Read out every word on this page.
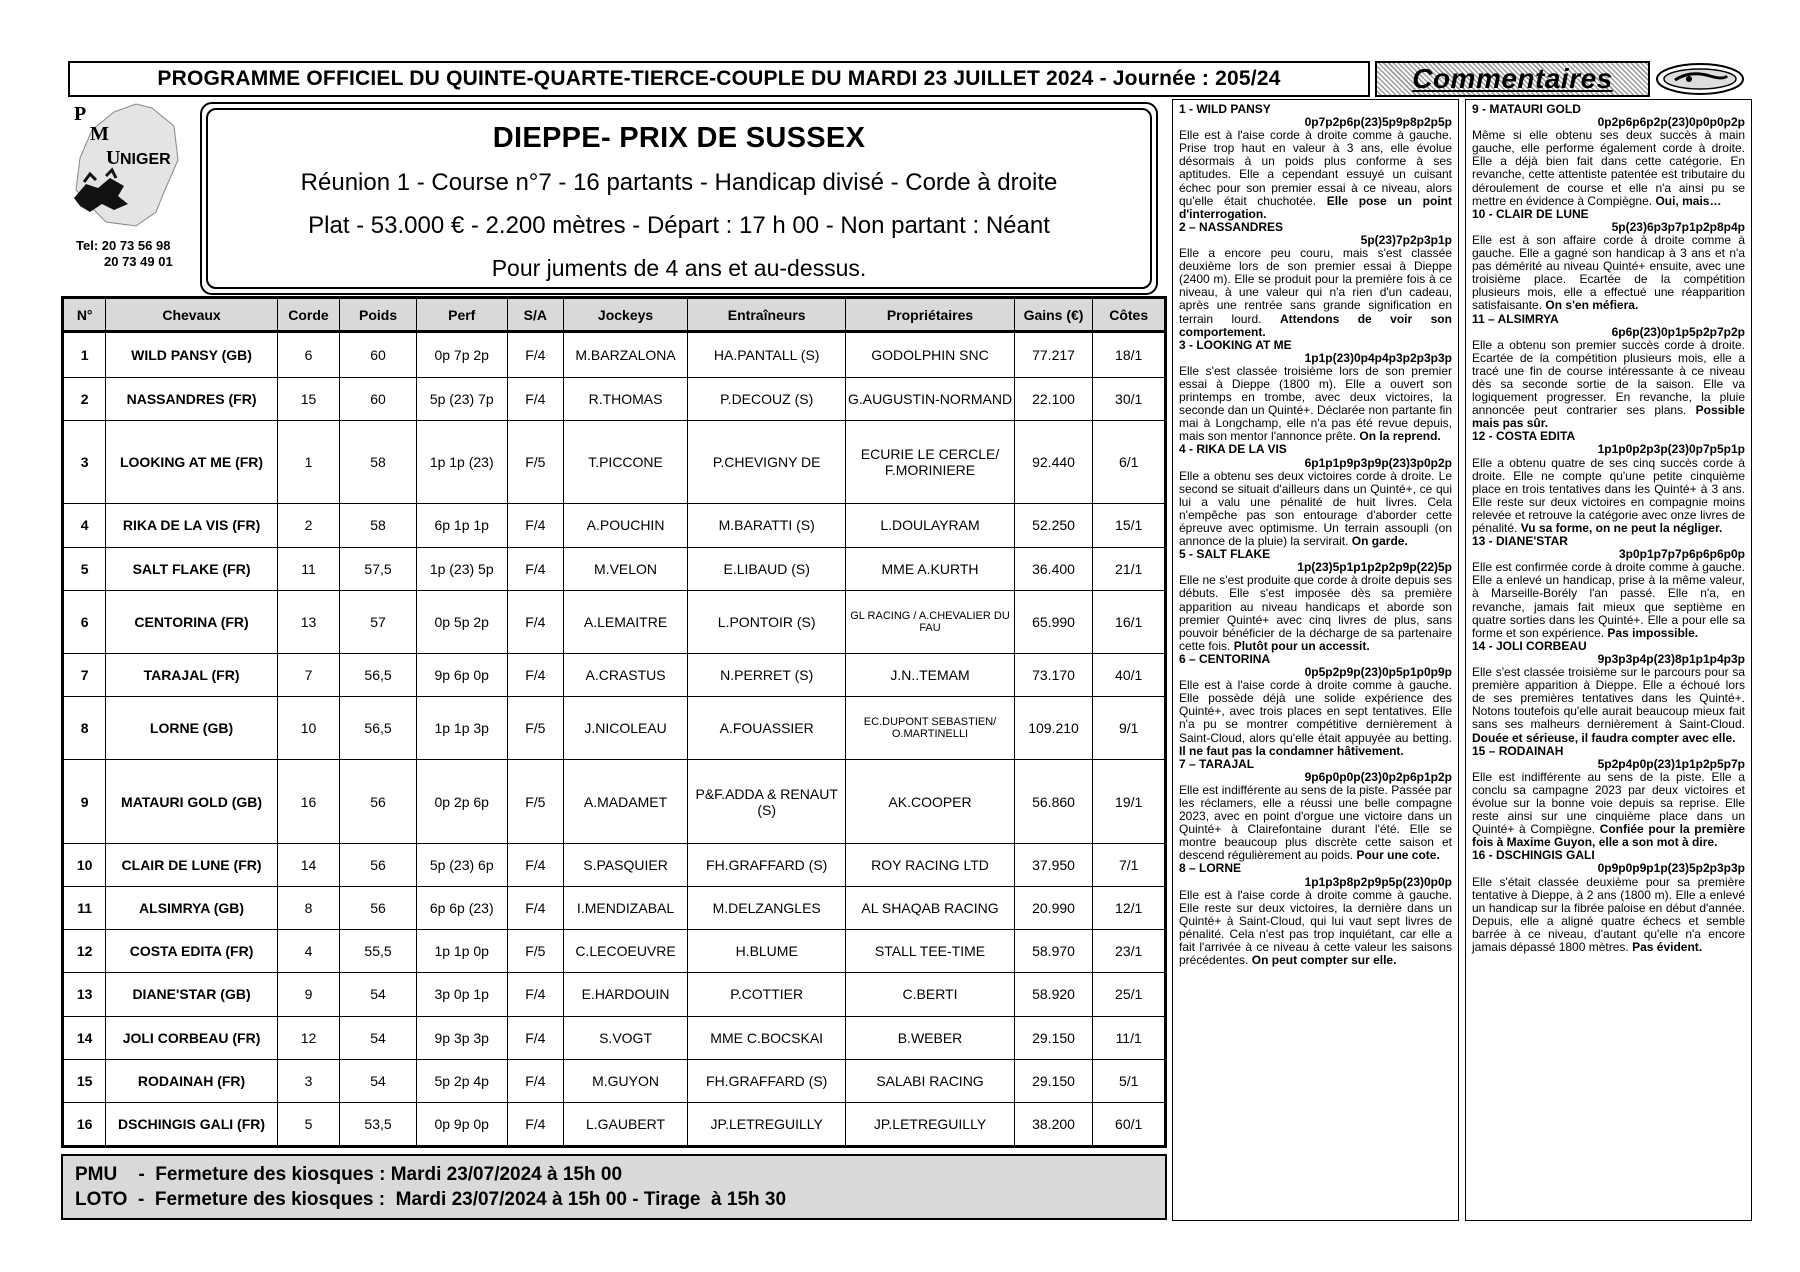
PROGRAMME OFFICIEL DU QUINTE-QUARTE-TIERCE-COUPLE DU MARDI 23 JUILLET 2024 - Journée : 205/24	Commentaires
P
M
U NIGER
Tel: 20 73 56 98
20 73 49 01
DIEPPE- PRIX DE SUSSEX
Réunion 1 - Course n°7 - 16 partants - Handicap divisé - Corde à droite
Plat - 53.000 € - 2.200 mètres - Départ : 17 h 00 - Non partant : Néant
Pour juments de 4 ans et au-dessus.
N°	Chevaux	Corde	Poids	Perf	S/A	Jockeys	Entraîneurs	Propriétaires	Gains (€)	Côtes
1	WILD PANSY (GB)	6	60	0p 7p 2p	F/4	M.BARZALONA	HA.PANTALL (S)	GODOLPHIN SNC	77.217	18/1
2	NASSANDRES (FR)	15	60	5p (23) 7p	F/4	R.THOMAS	P.DECOUZ (S)	G.AUGUSTIN-NORMAND	22.100	30/1
3	LOOKING AT ME (FR)	1	58	1p 1p (23)	F/5	T.PICCONE	P.CHEVIGNY DE	ECURIE LE CERCLE/ F.MORINIERE	92.440	6/1
4	RIKA DE LA VIS (FR)	2	58	6p 1p 1p	F/4	A.POUCHIN	M.BARATTI (S)	L.DOULAYRAM	52.250	15/1
5	SALT FLAKE (FR)	11	57,5	1p (23) 5p	F/4	M.VELON	E.LIBAUD (S)	MME A.KURTH	36.400	21/1
6	CENTORINA (FR)	13	57	0p 5p 2p	F/4	A.LEMAITRE	L.PONTOIR (S)	GL RACING / A.CHEVALIER DU FAU	65.990	16/1
7	TARAJAL (FR)	7	56,5	9p 6p 0p	F/4	A.CRASTUS	N.PERRET (S)	J.N..TEMAM	73.170	40/1
8	LORNE (GB)	10	56,5	1p 1p 3p	F/5	J.NICOLEAU	A.FOUASSIER	EC.DUPONT SEBASTIEN/ O.MARTINELLI	109.210	9/1
9	MATAURI GOLD (GB)	16	56	0p 2p 6p	F/5	A.MADAMET	P&F.ADDA & RENAUT (S)	AK.COOPER	56.860	19/1
10	CLAIR DE LUNE (FR)	14	56	5p (23) 6p	F/4	S.PASQUIER	FH.GRAFFARD (S)	ROY RACING LTD	37.950	7/1
11	ALSIMRYA (GB)	8	56	6p 6p (23)	F/4	I.MENDIZABAL	M.DELZANGLES	AL SHAQAB RACING	20.990	12/1
12	COSTA EDITA (FR)	4	55,5	1p 1p 0p	F/5	C.LECOEUVRE	H.BLUME	STALL TEE-TIME	58.970	23/1
13	DIANE'STAR (GB)	9	54	3p 0p 1p	F/4	E.HARDOUIN	P.COTTIER	C.BERTI	58.920	25/1
14	JOLI CORBEAU (FR)	12	54	9p 3p 3p	F/4	S.VOGT	MME C.BOCSKAI	B.WEBER	29.150	11/1
15	RODAINAH (FR)	3	54	5p 2p 4p	F/4	M.GUYON	FH.GRAFFARD (S)	SALABI RACING	29.150	5/1
16	DSCHINGIS GALI (FR)	5	53,5	0p 9p 0p	F/4	L.GAUBERT	JP.LETREGUILLY	JP.LETREGUILLY	38.200	60/1
PMU    -  Fermeture des kiosques : Mardi 23/07/2024 à 15h 00
LOTO  -  Fermeture des kiosques :  Mardi 23/07/2024 à 15h 00 - Tirage  à 15h 30
1 - WILD PANSY
0p7p2p6p(23)5p9p8p2p5p
Elle est à l'aise corde à droite comme à gauche. Prise trop haut en valeur à 3 ans, elle évolue désormais à un poids plus conforme à ses aptitudes. Elle a cependant essuyé un cuisant échec pour son premier essai à ce niveau, alors qu'elle était chuchotée. Elle pose un point d'interrogation.
2 – NASSANDRES
5p(23)7p2p3p1p
Elle a encore peu couru, mais s'est classée deuxième lors de son premier essai à Dieppe (2400 m). Elle se produit pour la première fois à ce niveau, à une valeur qui n'a rien d'un cadeau, après une rentrée sans grande signification en terrain lourd. Attendons de voir son comportement.
3 - LOOKING AT ME
1p1p(23)0p4p4p3p2p3p3p
Elle s'est classée troisième lors de son premier essai à Dieppe (1800 m). Elle a ouvert son printemps en trombe, avec deux victoires, la seconde dan un Quinté+. Déclarée non partante fin mai à Longchamp, elle n'a pas été revue depuis, mais son mentor l'annonce prête. On la reprend.
4 - RIKA DE LA VIS
6p1p1p9p3p9p(23)3p0p2p
Elle a obtenu ses deux victoires corde à droite. Le second se situait d'ailleurs dans un Quinté+, ce qui lui a valu une pénalité de huit livres. Cela n'empêche pas son entourage d'aborder cette épreuve avec optimisme. Un terrain assoupli (on annonce de la pluie) la servirait. On garde.
5 - SALT FLAKE
1p(23)5p1p1p2p2p9p(22)5p
Elle ne s'est produite que corde à droite depuis ses débuts. Elle s'est imposée dès sa première apparition au niveau handicaps et aborde son premier Quinté+ avec cinq livres de plus, sans pouvoir bénéficier de la décharge de sa partenaire cette fois. Plutôt pour un accessit.
6 – CENTORINA
0p5p2p9p(23)0p5p1p0p9p
Elle est à l'aise corde à droite comme à gauche. Elle possède déjà une solide expérience des Quinté+, avec trois places en sept tentatives. Elle n'a pu se montrer compétitive dernièrement à Saint-Cloud, alors qu'elle était appuyée au betting. Il ne faut pas la condamner hâtivement.
7 – TARAJAL
9p6p0p0p(23)0p2p6p1p2p
Elle est indifférente au sens de la piste. Passée par les réclamers, elle a réussi une belle compagne 2023, avec en point d'orgue une victoire dans un Quinté+ à Clairefontaine durant l'été. Elle se montre beaucoup plus discrète cette saison et descend régulièrement au poids. Pour une cote.
8 – LORNE
1p1p3p8p2p9p5p(23)0p0p
Elle est à l'aise corde à droite comme à gauche. Elle reste sur deux victoires, la dernière dans un Quinté+ à Saint-Cloud, qui lui vaut sept livres de pénalité. Cela n'est pas trop inquiétant, car elle a fait l'arrivée à ce niveau à cette valeur les saisons précédentes. On peut compter sur elle.
9 - MATAURI GOLD
0p2p6p6p2p(23)0p0p0p2p
Même si elle obtenu ses deux succès à main gauche, elle performe également corde à droite. Elle a déjà bien fait dans cette catégorie. En revanche, cette attentiste patentée est tributaire du déroulement de course et elle n'a ainsi pu se mettre en évidence à Compiègne. Oui, mais…
10 - CLAIR DE LUNE
5p(23)6p3p7p1p2p8p4p
Elle est à son affaire corde à droite comme à gauche. Elle a gagné son handicap à 3 ans et n'a pas démérité au niveau Quinté+ ensuite, avec une troisième place. Ecartée de la compétition plusieurs mois, elle a effectué une réapparition satisfaisante. On s'en méfiera.
11 – ALSIMRYA
6p6p(23)0p1p5p2p7p2p
Elle a obtenu son premier succès corde à droite. Ecartée de la compétition plusieurs mois, elle a tracé une fin de course intéressante à ce niveau dès sa seconde sortie de la saison. Elle va logiquement progresser. En revanche, la pluie annoncée peut contrarier ses plans. Possible mais pas sûr.
12 - COSTA EDITA
1p1p0p2p3p(23)0p7p5p1p
Elle a obtenu quatre de ses cinq succès corde à droite. Elle ne compte qu'une petite cinquième place en trois tentatives dans les Quinté+ à 3 ans. Elle reste sur deux victoires en compagnie moins relevée et retrouve la catégorie avec onze livres de pénalité. Vu sa forme, on ne peut la négliger.
13 - DIANE'STAR
3p0p1p7p7p6p6p6p0p
Elle est confirmée corde à droite comme à gauche. Elle a enlevé un handicap, prise à la même valeur, à Marseille-Borély l'an passé. Elle n'a, en revanche, jamais fait mieux que septième en quatre sorties dans les Quinté+. Elle a pour elle sa forme et son expérience. Pas impossible.
14 - JOLI CORBEAU
9p3p3p4p(23)8p1p1p4p3p
Elle s'est classée troisième sur le parcours pour sa première apparition à Dieppe. Elle a échoué lors de ses premières tentatives dans les Quinté+. Notons toutefois qu'elle aurait beaucoup mieux fait sans ses malheurs dernièrement à Saint-Cloud. Douée et sérieuse, il faudra compter avec elle.
15 – RODAINAH
5p2p4p0p(23)1p1p2p5p7p
Elle est indifférente au sens de la piste. Elle a conclu sa campagne 2023 par deux victoires et évolue sur la bonne voie depuis sa reprise. Elle reste ainsi sur une cinquième place dans un Quinté+ à Compiègne. Confiée pour la première fois à Maxime Guyon, elle a son mot à dire.
16 - DSCHINGIS GALI
0p9p0p9p1p(23)5p2p3p3p
Elle s'était classée deuxième pour sa première tentative à Dieppe, à 2 ans (1800 m). Elle a enlevé un handicap sur la fibrée paloise en début d'année. Depuis, elle a aligné quatre échecs et semble barrée à ce niveau, d'autant qu'elle n'a encore jamais dépassé 1800 mètres. Pas évident.
